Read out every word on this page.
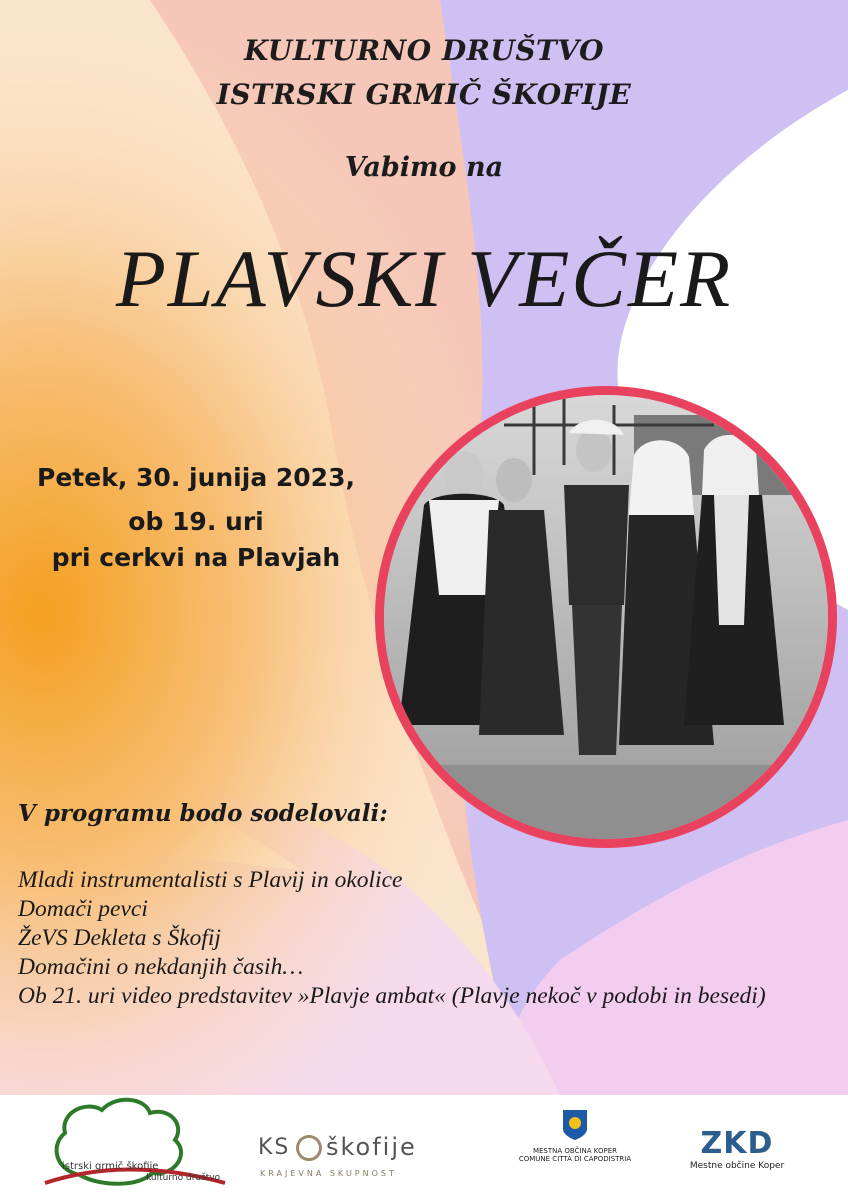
KULTURNO DRUŠTVO
ISTRSKI GRMIČ ŠKOFIJE
Vabimo na
PLAVSKI VEČER
Petek, 30. junija 2023,
ob 19. uri
pri cerkvi na Plavjah
V programu bodo sodelovali:
Mladi instrumentalisti s Plavij in okolice
Domači pevci
ŽeVS Dekleta s Škofij
Domačini o nekdanjih časih…
Ob 21. uri video predstavitev »Plavje ambat« (Plavje nekoč v podobi in besedi)
istrski grmič škofije
kulturno društvo
KS škofije
KRAJEVNA SKUPNOST
MESTNA OBČINA KOPER
COMUNE CITTÀ DI CAPODISTRIA	ZKD
Mestne občine Koper
